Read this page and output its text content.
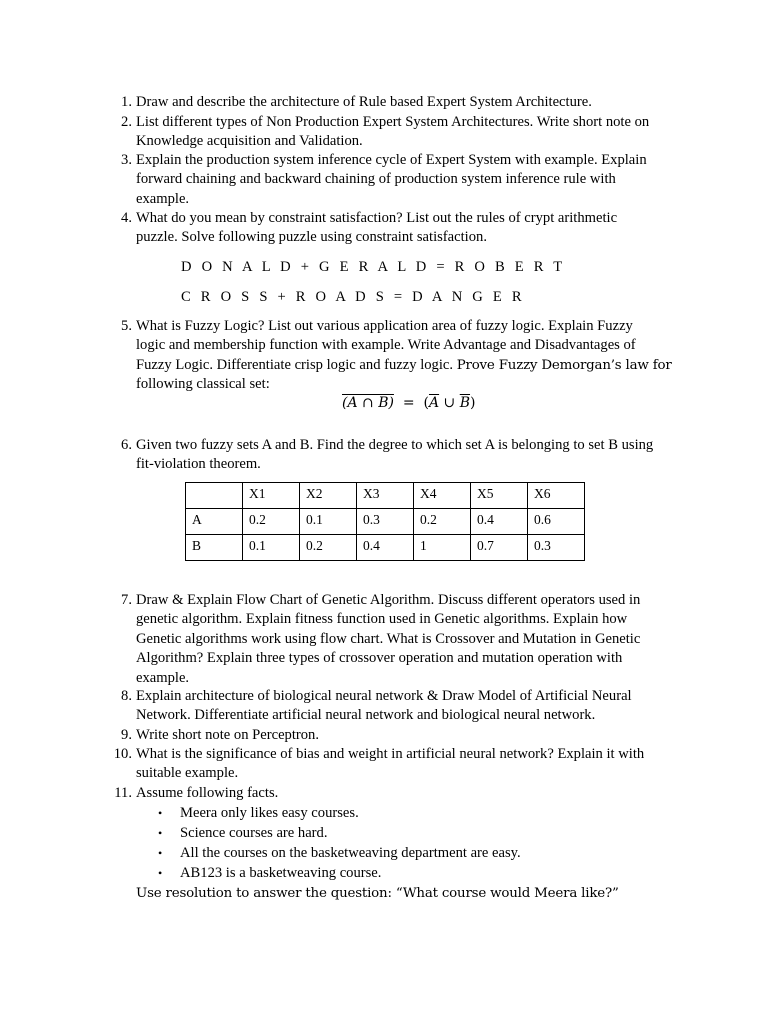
1. Draw and describe the architecture of Rule based Expert System Architecture.
2. List different types of Non Production Expert System Architectures. Write short note on
Knowledge acquisition and Validation.
3. Explain the production system inference cycle of Expert System with example. Explain
forward chaining and backward chaining of production system inference rule with
example.
4. What do you mean by constraint satisfaction? List out the rules of crypt arithmetic
puzzle. Solve following puzzle using constraint satisfaction.
D O N A L D + G E R A L D = R O B E R T
C R O S S + R O A D S = D A N G E R
5. What is Fuzzy Logic? List out various application area of fuzzy logic. Explain Fuzzy
logic and membership function with example. Write Advantage and Disadvantages of
Fuzzy Logic. Differentiate crisp logic and fuzzy logic. Prove Fuzzy Demorgan’s law for
following classical set:
(A ∩ $B) = (\overline{A}$ ∪ $\overline{B}$)
6. Given two fuzzy sets A and B. Find the degree to which set A is belonging to set B using
fit-violation theorem.
	X1	X2	X3	X4	X5	X6
A	0.2	0.1	0.3	0.2	0.4	0.6
B	0.1	0.2	0.4	1	0.7	0.3
7. Draw & Explain Flow Chart of Genetic Algorithm. Discuss different operators used in
genetic algorithm. Explain fitness function used in Genetic algorithms. Explain how
Genetic algorithms work using flow chart. What is Crossover and Mutation in Genetic
Algorithm? Explain three types of crossover operation and mutation operation with
example.
8. Explain architecture of biological neural network & Draw Model of Artificial Neural
Network. Differentiate artificial neural network and biological neural network.
9. Write short note on Perceptron.
10. What is the significance of bias and weight in artificial neural network? Explain it with
suitable example.
11. Assume following facts.
• Meera only likes easy courses.
• Science courses are hard.
• All the courses on the basketweaving department are easy.
• AB123 is a basketweaving course.
Use resolution to answer the question: “What course would Meera like?”
